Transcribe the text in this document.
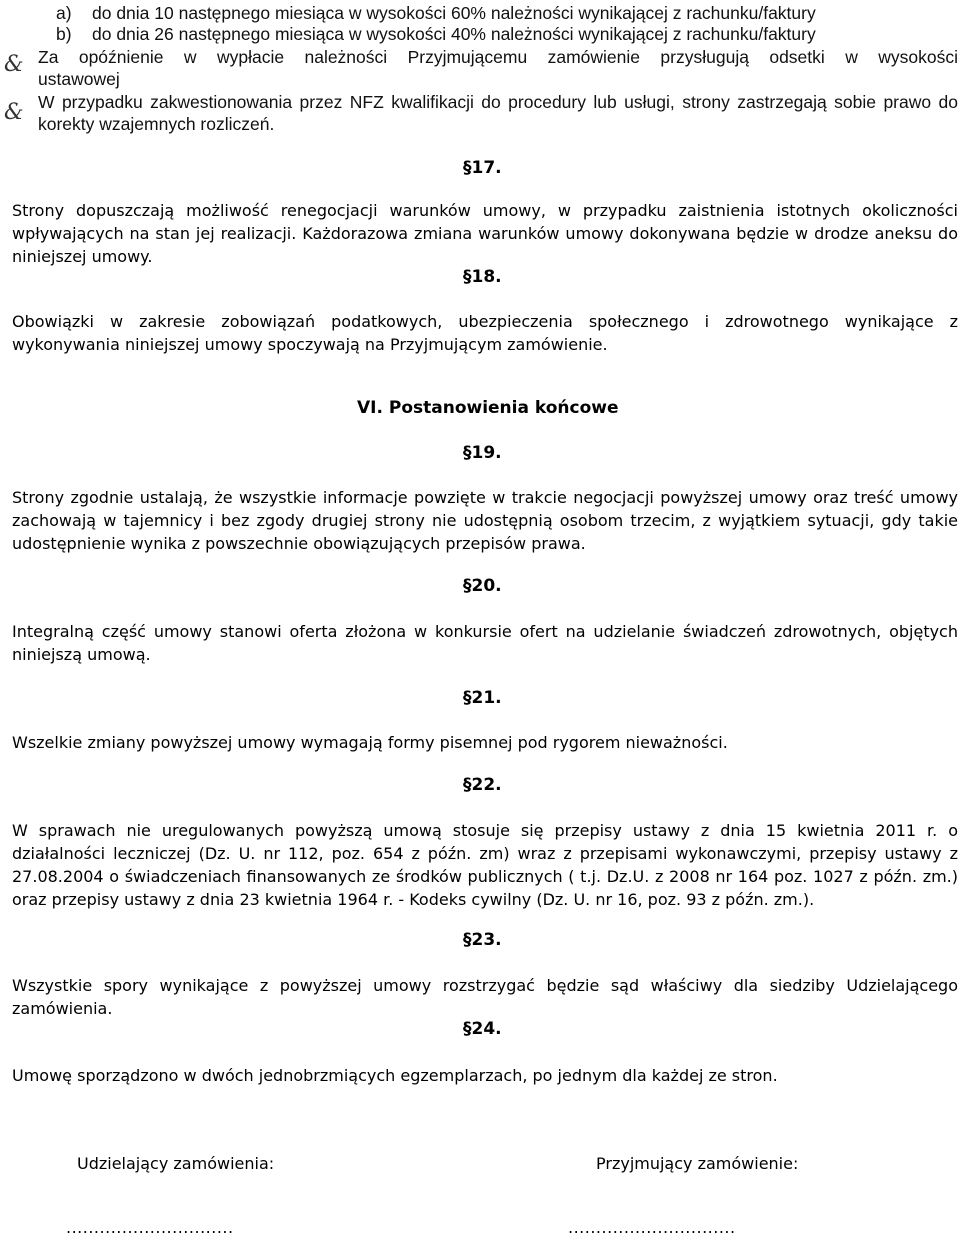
a) do dnia 10 następnego miesiąca w wysokości 60% należności wynikającej z rachunku/faktury
b) do dnia 26 następnego miesiąca w wysokości 40% należności wynikającej z rachunku/faktury
& Za opóźnienie w wypłacie należności Przyjmującemu zamówienie przysługują odsetki w wysokości
ustawowej
& W przypadku zakwestionowania przez NFZ kwalifikacji do procedury lub usługi, strony zastrzegają sobie prawo do
korekty wzajemnych rozliczeń.
§17.
Strony dopuszczają możliwość renegocjacji warunków umowy, w przypadku zaistnienia istotnych okoliczności wpływających na stan jej realizacji. Każdorazowa zmiana warunków umowy dokonywana będzie w drodze aneksu do niniejszej umowy.
§18.
Obowiązki w zakresie zobowiązań podatkowych, ubezpieczenia społecznego i zdrowotnego wynikające z wykonywania niniejszej umowy spoczywają na Przyjmującym zamówienie.
VI. Postanowienia końcowe
§19.
Strony zgodnie ustalają, że wszystkie informacje powzięte w trakcie negocjacji powyższej umowy oraz treść umowy zachowają w tajemnicy i bez zgody drugiej strony nie udostępnią osobom trzecim, z wyjątkiem sytuacji, gdy takie udostępnienie wynika z powszechnie obowiązujących przepisów prawa.
§20.
Integralną część umowy stanowi oferta złożona w konkursie ofert na udzielanie świadczeń zdrowotnych, objętych niniejszą umową.
§21.
Wszelkie zmiany powyższej umowy wymagają formy pisemnej pod rygorem nieważności.
§22.
W sprawach nie uregulowanych powyższą umową stosuje się przepisy ustawy z dnia 15 kwietnia 2011 r. o działalności leczniczej (Dz. U. nr 112, poz. 654 z późn. zm) wraz z przepisami wykonawczymi, przepisy ustawy z 27.08.2004 o świadczeniach finansowanych ze środków publicznych ( t.j. Dz.U. z 2008 nr 164 poz. 1027 z późn. zm.) oraz przepisy ustawy z dnia 23 kwietnia 1964 r. - Kodeks cywilny (Dz. U. nr 16, poz. 93 z późn. zm.).
§23.
Wszystkie spory wynikające z powyższej umowy rozstrzygać będzie sąd właściwy dla siedziby Udzielającego zamówienia.
§24.
Umowę sporządzono w dwóch jednobrzmiących egzemplarzach, po jednym dla każdej ze stron.
Udzielający zamówienia:	Przyjmujący zamówienie:
..............................	..............................
